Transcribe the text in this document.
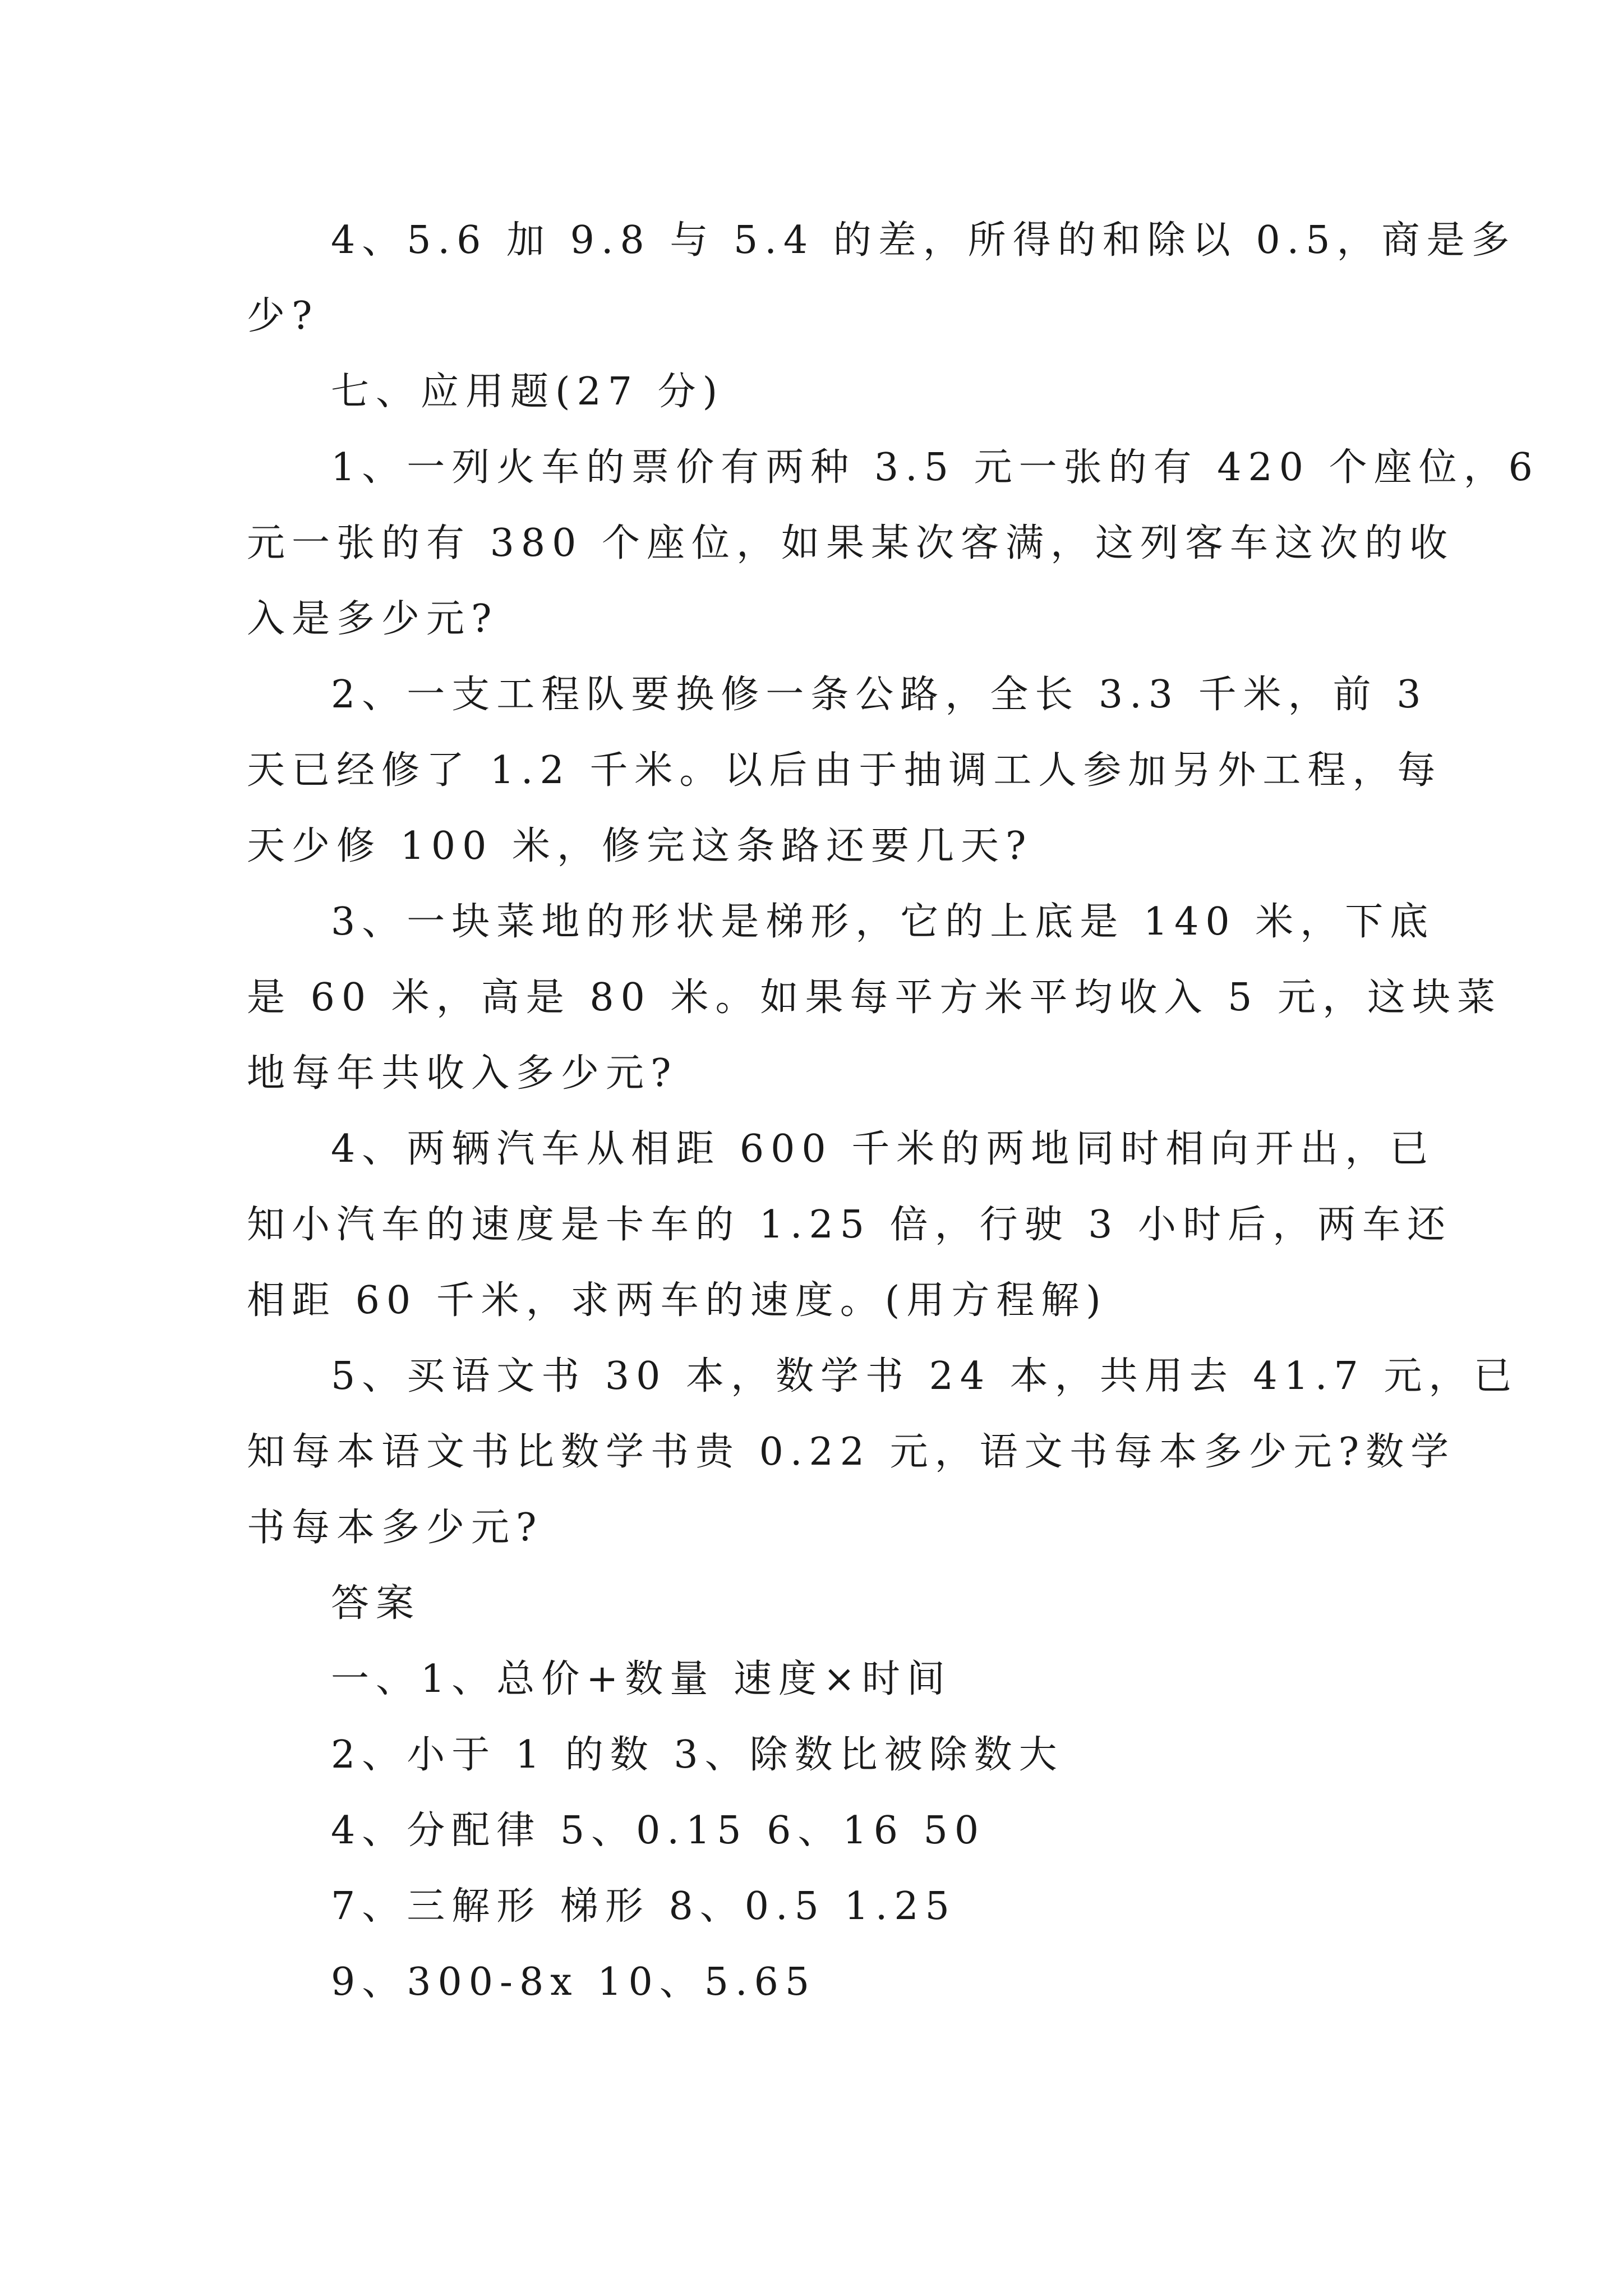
4、5.6 加 9.8 与 5.4 的差，所得的和除以 0.5，商是多
少?
七、应用题(27 分)
1、一列火车的票价有两种 3.5 元一张的有 420 个座位，6
元一张的有 380 个座位，如果某次客满，这列客车这次的收
入是多少元?
2、一支工程队要换修一条公路，全长 3.3 千米，前 3
天已经修了 1.2 千米。以后由于抽调工人参加另外工程，每
天少修 100 米，修完这条路还要几天?
3、一块菜地的形状是梯形，它的上底是 140 米，下底
是 60 米，高是 80 米。如果每平方米平均收入 5 元，这块菜
地每年共收入多少元?
4、两辆汽车从相距 600 千米的两地同时相向开出，已
知小汽车的速度是卡车的 1.25 倍，行驶 3 小时后，两车还
相距 60 千米，求两车的速度。(用方程解)
5、买语文书 30 本，数学书 24 本，共用去 41.7 元，已
知每本语文书比数学书贵 0.22 元，语文书每本多少元?数学
书每本多少元?
答案
一、1、总价+数量 速度×时间
2、小于 1 的数 3、除数比被除数大
4、分配律 5、0.15 6、16 50
7、三解形 梯形 8、0.5 1.25
9、300-8x 10、5.65
